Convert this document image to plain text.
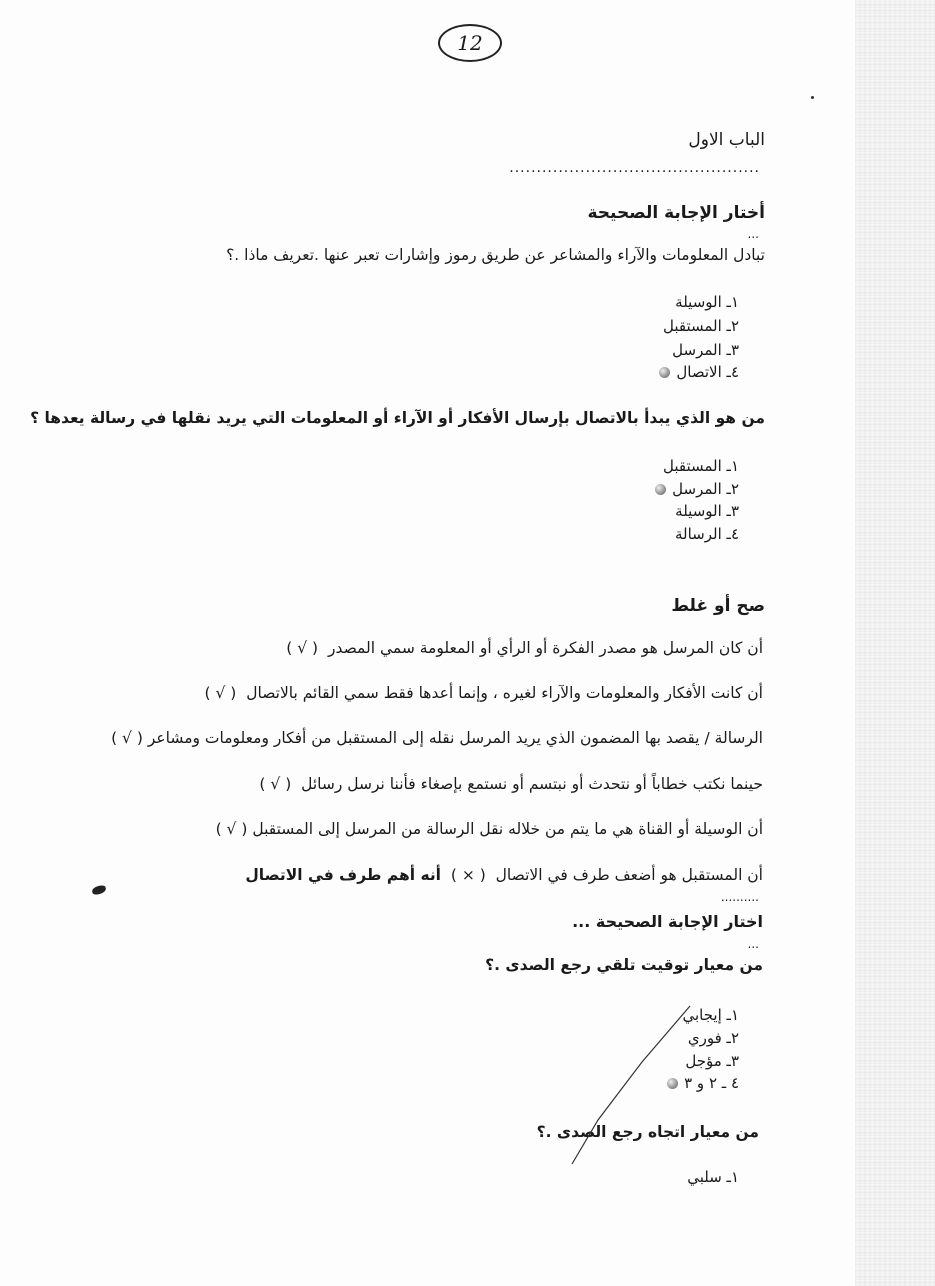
12
الباب الاول
..............................................
أختار الإجابة الصحيحة
...
تبادل المعلومات والآراء والمشاعر عن طريق رموز وإشارات تعبر عنها .تعريف ماذا .؟
١ـ الوسيلة
٢ـ المستقبل
٣ـ المرسل
٤ـ الاتصال
من هو الذي يبدأ بالاتصال بإرسال الأفكار أو الآراء أو المعلومات التي يريد نقلها في رسالة يعدها ؟
١ـ المستقبل
٢ـ المرسل
٣ـ الوسيلة
٤ـ الرسالة
صح أو غلط
أن كان المرسل هو مصدر الفكرة أو الرأي أو المعلومة سمي المصدر  ( √ )
أن كانت الأفكار والمعلومات والآراء لغيره ، وإنما أعدها فقط سمي القائم بالاتصال  ( √ )
الرسالة / يقصد بها المضمون الذي يريد المرسل نقله إلى المستقبل من أفكار ومعلومات ومشاعر ( √ )
حينما نكتب خطاباً أو نتحدث أو نبتسم أو نستمع بإصغاء فأننا نرسل رسائل  ( √ )
أن الوسيلة أو القناة هي ما يتم من خلاله نقل الرسالة من المرسل إلى المستقبل ( √ )
أن المستقبل هو أضعف طرف في الاتصال  ( × )  أنه أهم طرف في الاتصال
..........
اختار الإجابة الصحيحة ...
...
من معيار توقيت تلقي رجع الصدى .؟
١ـ إيجابي
٢ـ فوري
٣ـ مؤجل
٤ ـ ٢ و ٣
من معيار اتجاه رجع الصدى .؟
١ـ سلبي
